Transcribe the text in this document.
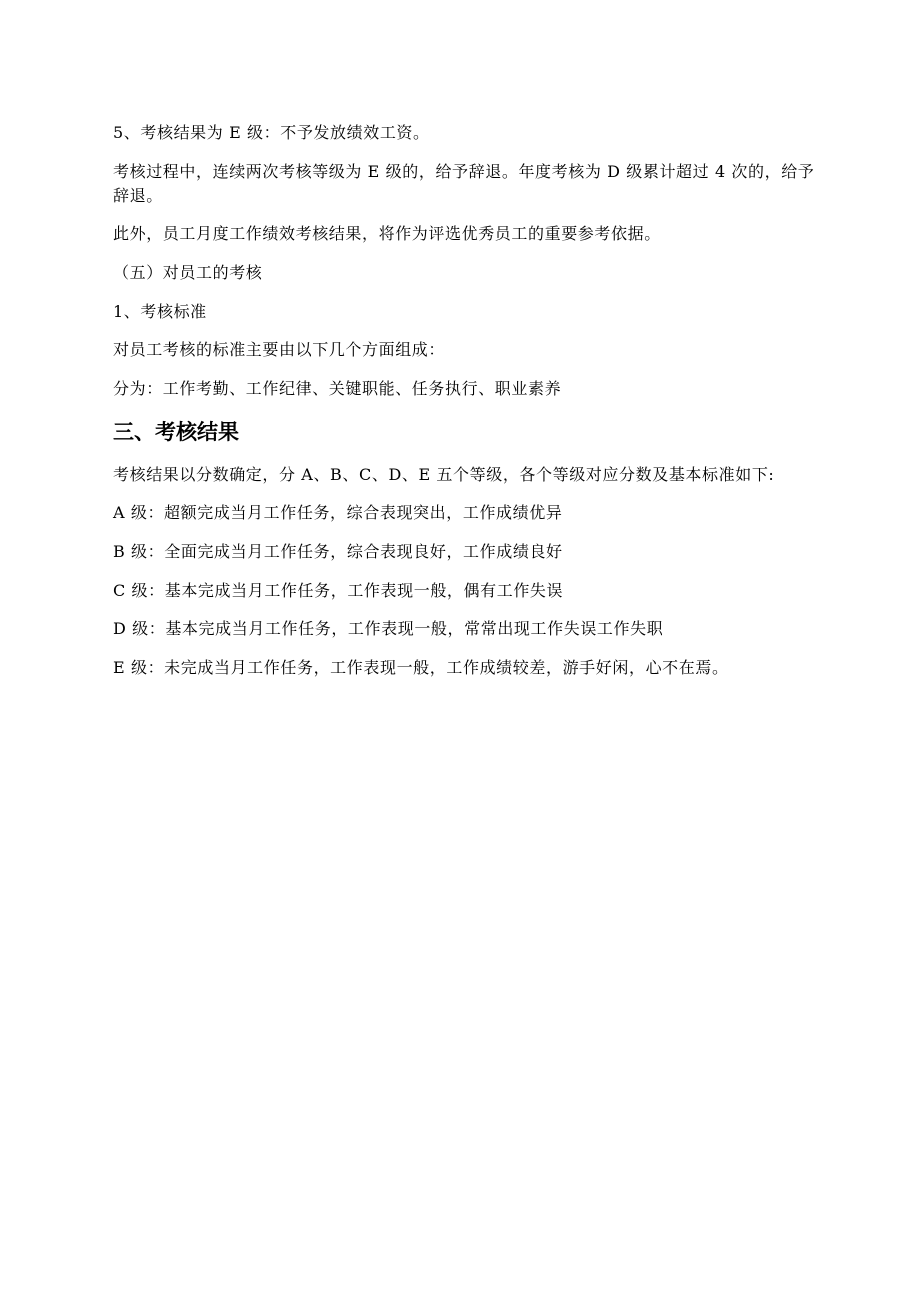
5、考核结果为 E 级：不予发放绩效工资。

考核过程中，连续两次考核等级为 E 级的，给予辞退。年度考核为 D 级累计超过 4 次的，给予
辞退。

此外，员工月度工作绩效考核结果，将作为评选优秀员工的重要参考依据。

（五）对员工的考核

1、考核标准

对员工考核的标准主要由以下几个方面组成：

分为：工作考勤、工作纪律、关键职能、任务执行、职业素养

三、考核结果

考核结果以分数确定，分 A、B、C、D、E 五个等级，各个等级对应分数及基本标准如下:

A 级：超额完成当月工作任务，综合表现突出，工作成绩优异

B 级：全面完成当月工作任务，综合表现良好，工作成绩良好

C 级：基本完成当月工作任务，工作表现一般，偶有工作失误

D 级：基本完成当月工作任务，工作表现一般，常常出现工作失误工作失职

E 级：未完成当月工作任务，工作表现一般，工作成绩较差，游手好闲，心不在焉。
